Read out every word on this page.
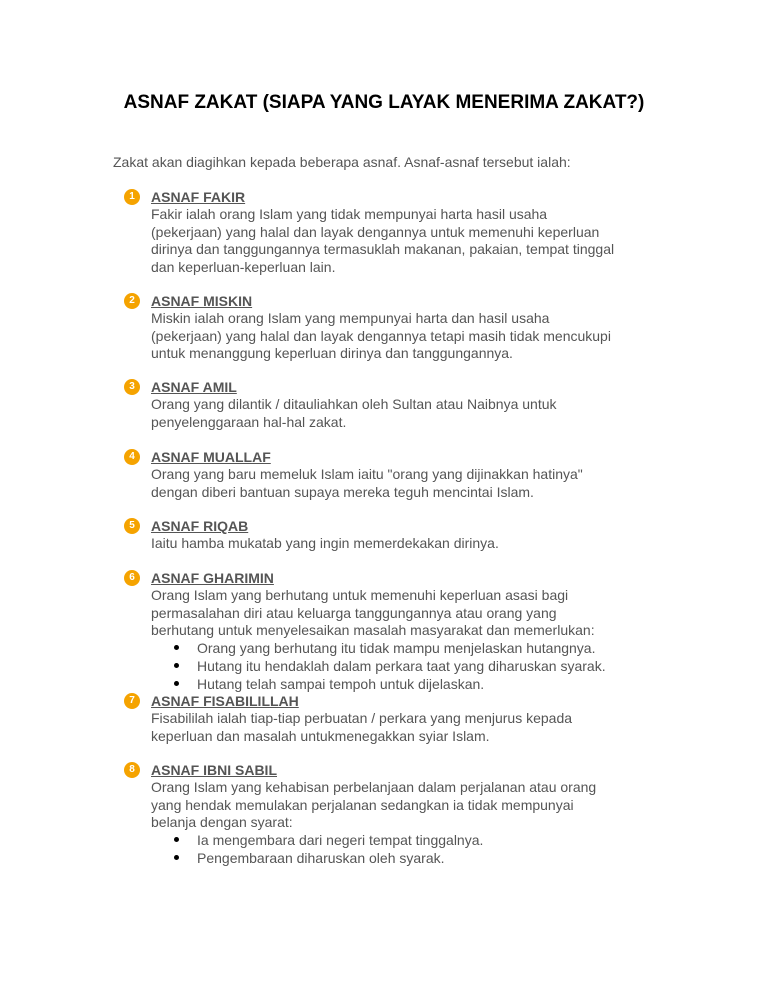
ASNAF ZAKAT (SIAPA YANG LAYAK MENERIMA ZAKAT?)

Zakat akan diagihkan kepada beberapa asnaf. Asnaf-asnaf tersebut ialah:

1	ASNAF FAKIR
Fakir ialah orang Islam yang tidak mempunyai harta hasil usaha
(pekerjaan) yang halal dan layak dengannya untuk memenuhi keperluan
dirinya dan tanggungannya termasuklah makanan, pakaian, tempat tinggal
dan keperluan-keperluan lain.
2	ASNAF MISKIN
Miskin ialah orang Islam yang mempunyai harta dan hasil usaha
(pekerjaan) yang halal dan layak dengannya tetapi masih tidak mencukupi
untuk menanggung keperluan dirinya dan tanggungannya.
3	ASNAF AMIL
Orang yang dilantik / ditauliahkan oleh Sultan atau Naibnya untuk
penyelenggaraan hal-hal zakat.
4	ASNAF MUALLAF
Orang yang baru memeluk Islam iaitu "orang yang dijinakkan hatinya"
dengan diberi bantuan supaya mereka teguh mencintai Islam.
5	ASNAF RIQAB
Iaitu hamba mukatab yang ingin memerdekakan dirinya.
6	ASNAF GHARIMIN
Orang Islam yang berhutang untuk memenuhi keperluan asasi bagi
permasalahan diri atau keluarga tanggungannya atau orang yang
berhutang untuk menyelesaikan masalah masyarakat dan memerlukan:
Orang yang berhutang itu tidak mampu menjelaskan hutangnya.
Hutang itu hendaklah dalam perkara taat yang diharuskan syarak.
Hutang telah sampai tempoh untuk dijelaskan.
7	ASNAF FISABILILLAH
Fisabililah ialah tiap-tiap perbuatan / perkara yang menjurus kepada
keperluan dan masalah untukmenegakkan syiar Islam.
8	ASNAF IBNI SABIL
Orang Islam yang kehabisan perbelanjaan dalam perjalanan atau orang
yang hendak memulakan perjalanan sedangkan ia tidak mempunyai
belanja dengan syarat:
Ia mengembara dari negeri tempat tinggalnya.
Pengembaraan diharuskan oleh syarak.
